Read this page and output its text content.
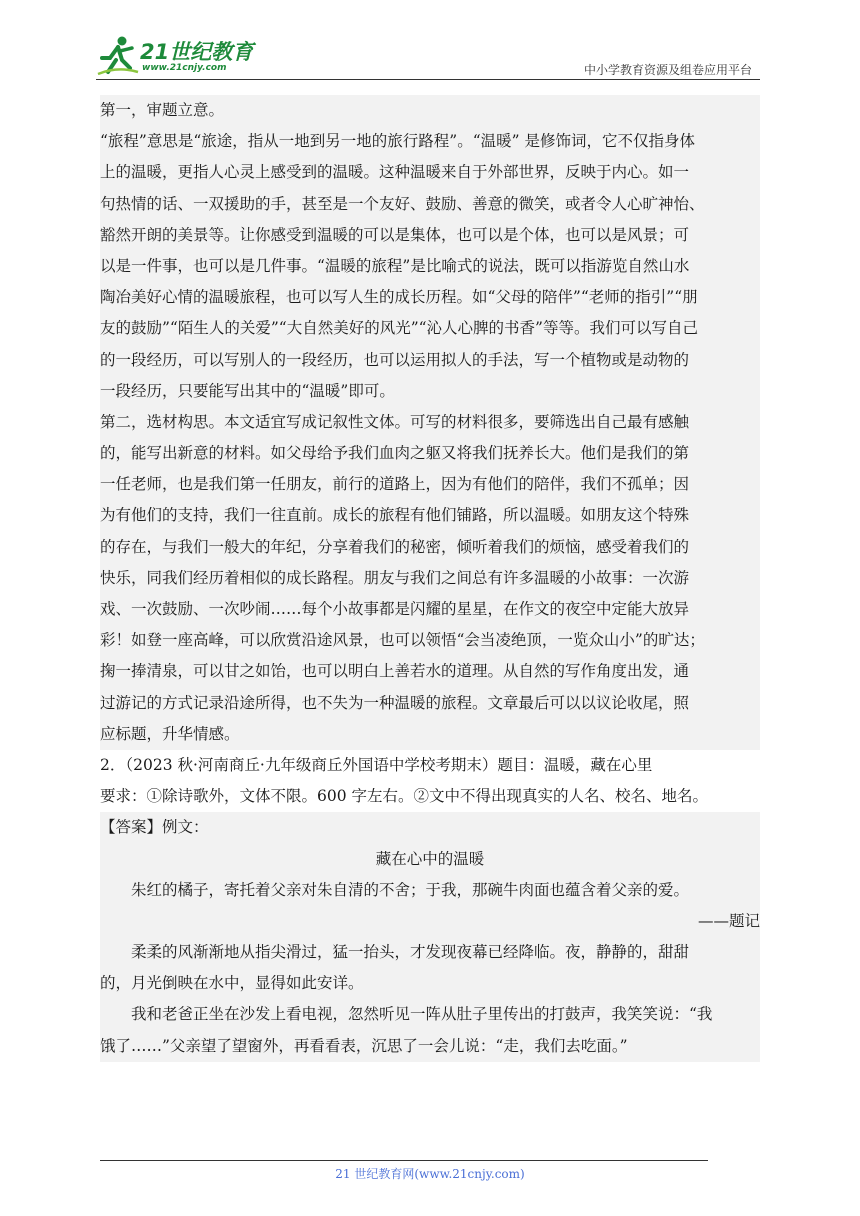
21世纪教育
www.21cnjy.com	中小学教育资源及组卷应用平台
第一，审题立意。
“旅程”意思是“旅途，指从一地到另一地的旅行路程”。“温暖” 是修饰词，它不仅指身体
上的温暖，更指人心灵上感受到的温暖。这种温暖来自于外部世界，反映于内心。如一
句热情的话、一双援助的手，甚至是一个友好、鼓励、善意的微笑，或者令人心旷神怡、
豁然开朗的美景等。让你感受到温暖的可以是集体，也可以是个体，也可以是风景；可
以是一件事，也可以是几件事。“温暖的旅程”是比喻式的说法，既可以指游览自然山水
陶冶美好心情的温暖旅程，也可以写人生的成长历程。如“父母的陪伴”“老师的指引”“朋
友的鼓励”“陌生人的关爱”“大自然美好的风光”“沁人心脾的书香”等等。我们可以写自己
的一段经历，可以写别人的一段经历，也可以运用拟人的手法，写一个植物或是动物的
一段经历，只要能写出其中的“温暖”即可。
第二，选材构思。本文适宜写成记叙性文体。可写的材料很多，要筛选出自己最有感触
的，能写出新意的材料。如父母给予我们血肉之躯又将我们抚养长大。他们是我们的第
一任老师，也是我们第一任朋友，前行的道路上，因为有他们的陪伴，我们不孤单；因
为有他们的支持，我们一往直前。成长的旅程有他们铺路，所以温暖。如朋友这个特殊
的存在，与我们一般大的年纪，分享着我们的秘密，倾听着我们的烦恼，感受着我们的
快乐，同我们经历着相似的成长路程。朋友与我们之间总有许多温暖的小故事：一次游
戏、一次鼓励、一次吵闹……每个小故事都是闪耀的星星，在作文的夜空中定能大放异
彩！如登一座高峰，可以欣赏沿途风景，也可以领悟“会当凌绝顶，一览众山小”的旷达；
掬一捧清泉，可以甘之如饴，也可以明白上善若水的道理。从自然的写作角度出发，通
过游记的方式记录沿途所得，也不失为一种温暖的旅程。文章最后可以以议论收尾，照
应标题，升华情感。
2．（2023 秋·河南商丘·九年级商丘外国语中学校考期末）题目：温暖，藏在心里
要求：①除诗歌外，文体不限。600 字左右。②文中不得出现真实的人名、校名、地名。
【答案】例文：
藏在心中的温暖
朱红的橘子，寄托着父亲对朱自清的不舍；于我，那碗牛肉面也蕴含着父亲的爱。
——题记
柔柔的风渐渐地从指尖滑过，猛一抬头，才发现夜幕已经降临。夜，静静的，甜甜
的，月光倒映在水中，显得如此安详。
我和老爸正坐在沙发上看电视，忽然听见一阵从肚子里传出的打鼓声，我笑笑说：“我
饿了……”父亲望了望窗外，再看看表，沉思了一会儿说：“走，我们去吃面。”
21 世纪教育网(www.21cnjy.com)
